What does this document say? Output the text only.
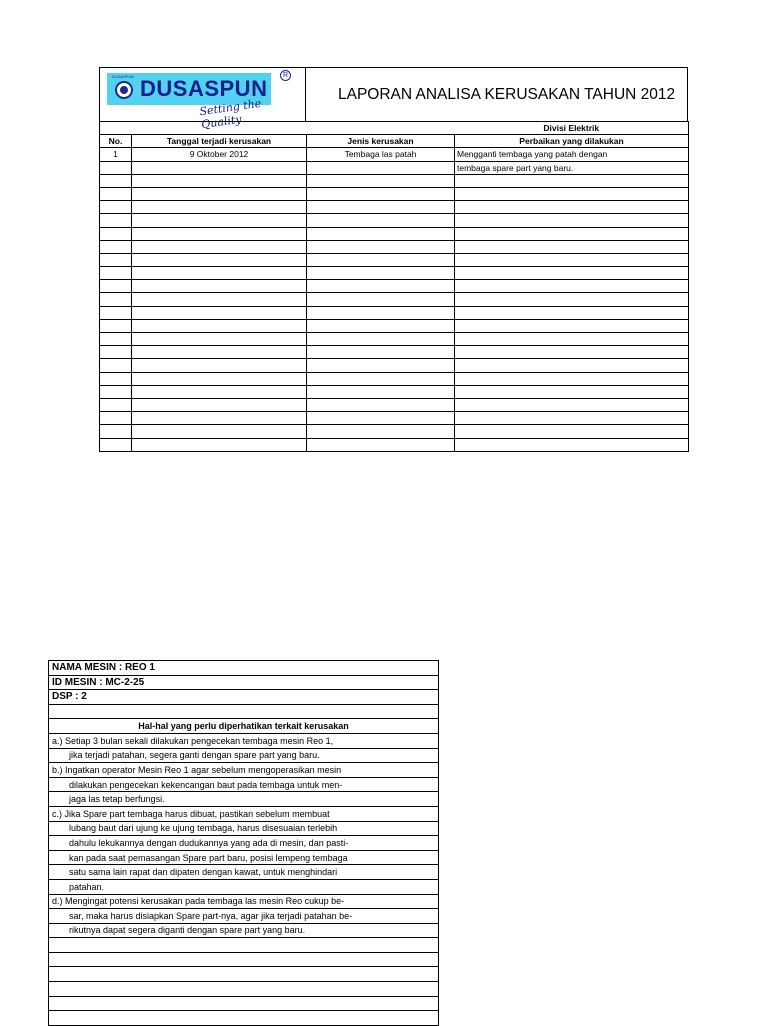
DUSASPUN DUSASPUN
R
Setting the Quality
LAPORAN ANALISA KERUSAKAN TAHUN 2012
			Divisi Elektrik
No.	Tanggal terjadi kerusakan	Jenis kerusakan	Perbaikan yang dilakukan
1	9 Oktober 2012	Tembaga las patah	Mengganti tembaga yang patah dengan
			tembaga spare part yang baru.

NAMA MESIN : REO 1
ID MESIN : MC-2-25
DSP : 2

Hal-hal yang perlu diperhatikan terkait kerusakan
a.) Setiap 3 bulan sekali dilakukan pengecekan tembaga mesin Reo 1,
jika terjadi patahan, segera ganti dengan spare part yang baru.
b.) Ingatkan operator Mesin Reo 1 agar sebelum mengoperasikan mesin
dilakukan pengecekan kekencangan baut pada tembaga untuk men-
jaga las tetap berfungsi.
c.) Jika Spare part tembaga harus dibuat, pastikan sebelum membuat
lubang baut dari ujung ke ujung tembaga, harus disesuaian terlebih
dahulu lekukannya dengan dudukannya yang ada di mesin, dan pasti-
kan pada saat pemasangan Spare part baru, posisi lempeng tembaga
satu sama lain rapat dan dipaten dengan kawat, untuk menghindari
patahan.
d.) Mengingat potensi kerusakan pada tembaga las mesin Reo cukup be-
sar, maka harus disiapkan Spare part-nya, agar jika terjadi patahan be-
rikutnya dapat segera diganti dengan spare part yang baru.
